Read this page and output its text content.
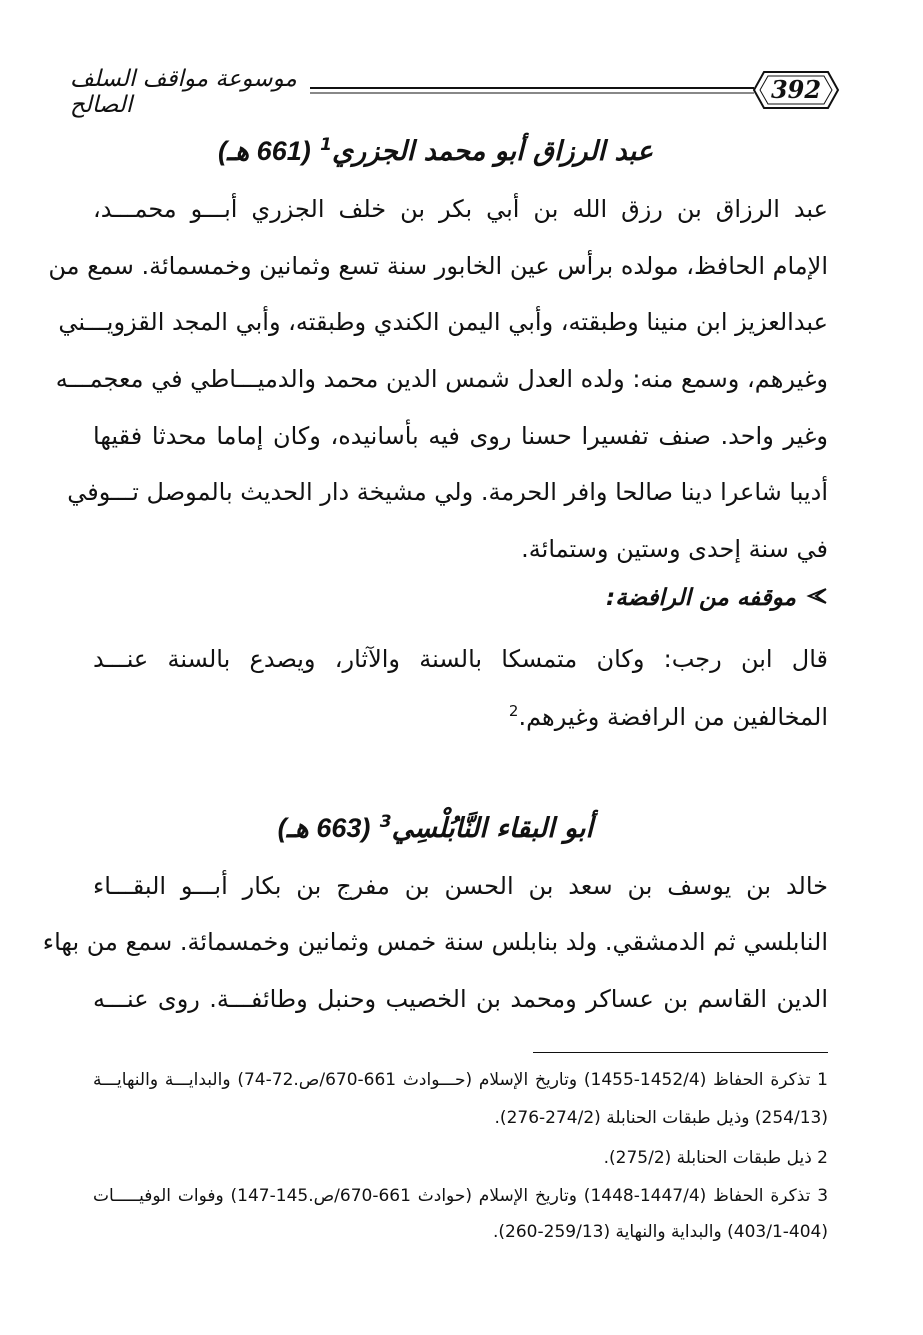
392
موسوعة مواقف السلف الصالح
عبد الرزاق أبو محمد الجزري$^1$ (661 هـ)
عبد الرزاق بن رزق الله بن أبي بكر بن خلف الجزري أبـــو محمـــد،
الإمام الحافظ، مولده برأس عين الخابور سنة تسع وثمانين وخمسمائة. سمع من
عبدالعزيز ابن منينا وطبقته، وأبي اليمن الكندي وطبقته، وأبي المجد القزويـــني
وغيرهم، وسمع منه: ولده العدل شمس الدين محمد والدميـــاطي في معجمـــه
وغير واحد. صنف تفسيرا حسنا روى فيه بأسانيده، وكان إماما محدثا فقيها
أديبا شاعرا دينا صالحا وافر الحرمة. ولي مشيخة دار الحديث بالموصل تـــوفي
في سنة إحدى وستين وستمائة.
موقفه من الرافضة:
قال ابن رجب: وكان متمسكا بالسنة والآثار، ويصدع بالسنة عنـــد
المخالفين من الرافضة وغيرهم.$^2$
أبو البقاء النَّابُلْسِي$^3$ (663 هـ)
خالد بن يوسف بن سعد بن الحسن بن مفرج بن بكار أبـــو البقـــاء
النابلسي ثم الدمشقي. ولد بنابلس سنة خمس وثمانين وخمسمائة. سمع من بهاء
الدين القاسم بن عساكر ومحمد بن الخصيب وحنبل وطائفـــة. روى عنـــه
1 تذكرة الحفاظ (1452/4-1455) وتاريخ الإسلام (حـــوادث 661-670/ص.72-74) والبدايـــة والنهايـــة
(254/13) وذيل طبقات الحنابلة (274/2-276).
2 ذيل طبقات الحنابلة (275/2).
3 تذكرة الحفاظ (1447/4-1448) وتاريخ الإسلام (حوادث 661-670/ص.145-147) وفوات الوفيـــــات
(403/1-404) والبداية والنهاية (259/13-260).
